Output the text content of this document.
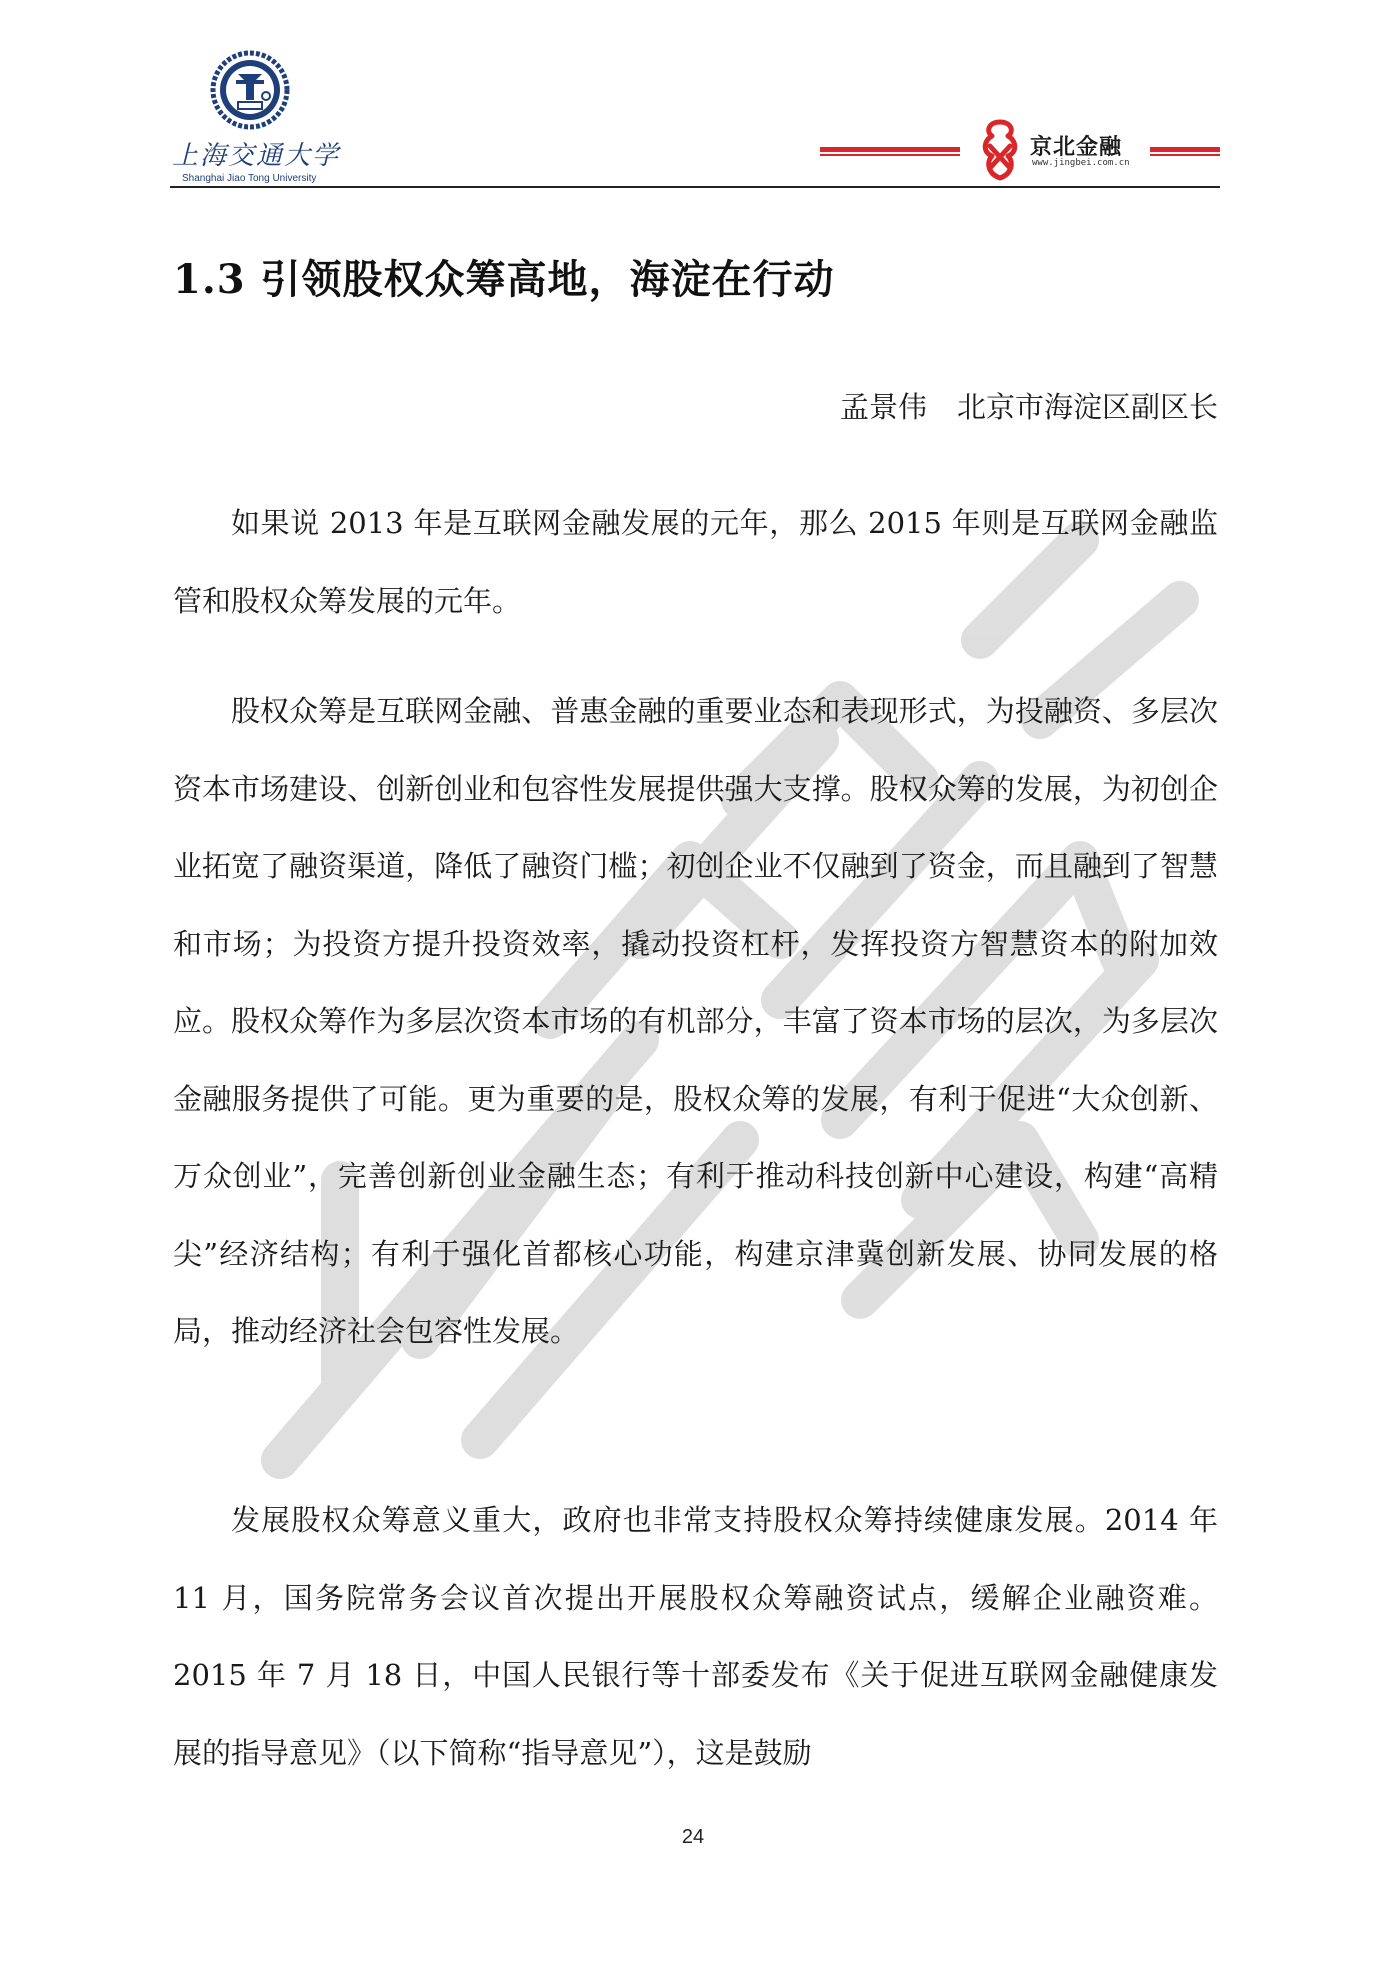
上海交通大学
Shanghai Jiao Tong University
京北金融
www.jingbei.com.cn
1.3 引领股权众筹高地，海淀在行动
孟景伟 北京市海淀区副区长

如果说 2013 年是互联网金融发展的元年，那么 2015 年则是互联网金融监管和股权众筹发展的元年。

股权众筹是互联网金融、普惠金融的重要业态和表现形式，为投融资、多层次资本市场建设、创新创业和包容性发展提供强大支撑。股权众筹的发展，为初创企业拓宽了融资渠道，降低了融资门槛；初创企业不仅融到了资金，而且融到了智慧和市场；为投资方提升投资效率，撬动投资杠杆，发挥投资方智慧资本的附加效应。股权众筹作为多层次资本市场的有机部分，丰富了资本市场的层次，为多层次金融服务提供了可能。更为重要的是，股权众筹的发展，有利于促进“大众创新、万众创业”，完善创新创业金融生态；有利于推动科技创新中心建设，构建“高精尖”经济结构；有利于强化首都核心功能，构建京津冀创新发展、协同发展的格局，推动经济社会包容性发展。

发展股权众筹意义重大，政府也非常支持股权众筹持续健康发展。2014 年 11 月，国务院常务会议首次提出开展股权众筹融资试点，缓解企业融资难。2015 年 7 月 18 日，中国人民银行等十部委发布《关于促进互联网金融健康发展的指导意见》（以下简称“指导意见”），这是鼓励

24
